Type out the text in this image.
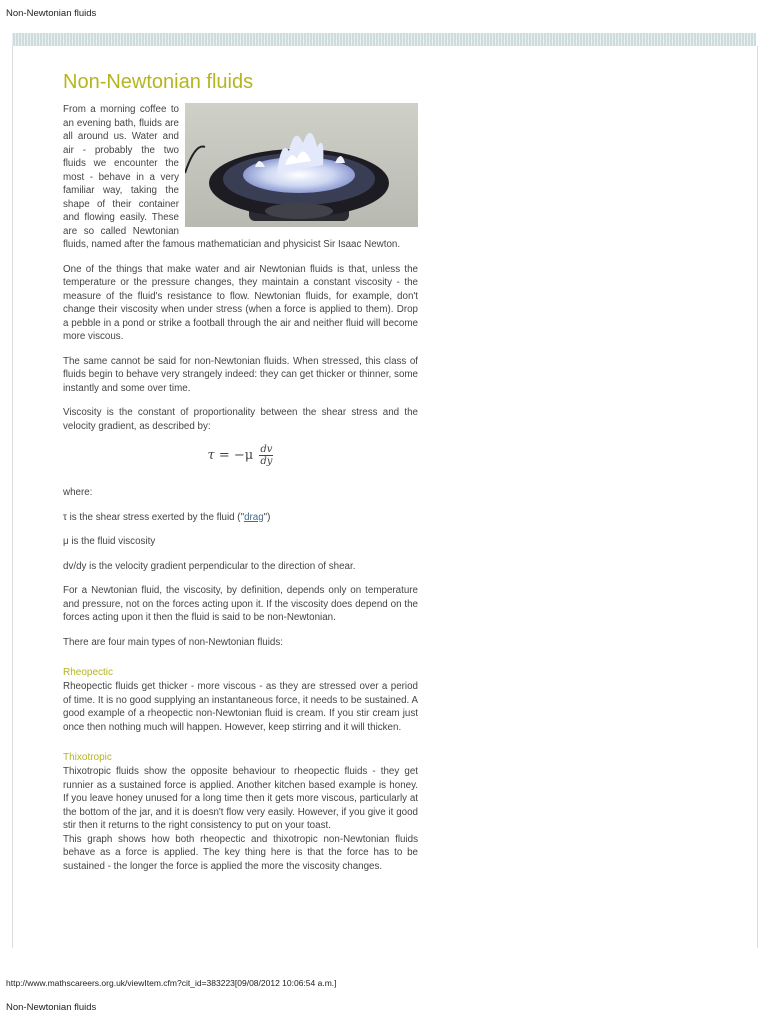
Non-Newtonian fluids
Non-Newtonian fluids

From a morning coffee to an evening bath, fluids are all around us. Water and air - probably the two fluids we encounter the most - behave in a very familiar way, taking the shape of their container and flowing easily. These are so called Newtonian fluids, named after the famous mathematician and physicist Sir Isaac Newton.

One of the things that make water and air Newtonian fluids is that, unless the temperature or the pressure changes, they maintain a constant viscosity - the measure of the fluid's resistance to flow. Newtonian fluids, for example, don't change their viscosity when under stress (when a force is applied to them). Drop a pebble in a pond or strike a football through the air and neither fluid will become more viscous.

The same cannot be said for non-Newtonian fluids. When stressed, this class of fluids begin to behave very strangely indeed: they can get thicker or thinner, some instantly and some over time.

Viscosity is the constant of proportionality between the shear stress and the velocity gradient, as described by:

$\tau = -\mu \frac{dv}{dy}$

where:

τ is the shear stress exerted by the fluid ("drag")

μ is the fluid viscosity

dv/dy is the velocity gradient perpendicular to the direction of shear.

For a Newtonian fluid, the viscosity, by definition, depends only on temperature and pressure, not on the forces acting upon it. If the viscosity does depend on the forces acting upon it then the fluid is said to be non-Newtonian.

There are four main types of non-Newtonian fluids:

Rheopectic

Rheopectic fluids get thicker - more viscous - as they are stressed over a period of time. It is no good supplying an instantaneous force, it needs to be sustained. A good example of a rheopectic non-Newtonian fluid is cream. If you stir cream just once then nothing much will happen. However, keep stirring and it will thicken.

Thixotropic

Thixotropic fluids show the opposite behaviour to rheopectic fluids - they get runnier as a sustained force is applied. Another kitchen based example is honey. If you leave honey unused for a long time then it gets more viscous, particularly at the bottom of the jar, and it is doesn't flow very easily. However, if you give it good stir then it returns to the right consistency to put on your toast.

This graph shows how both rheopectic and thixotropic non-Newtonian fluids behave as a force is applied. The key thing here is that the force has to be sustained - the longer the force is applied the more the viscosity changes.

http://www.mathscareers.org.uk/viewItem.cfm?cit_id=383223[09/08/2012 10:06:54 a.m.]
Non-Newtonian fluids
